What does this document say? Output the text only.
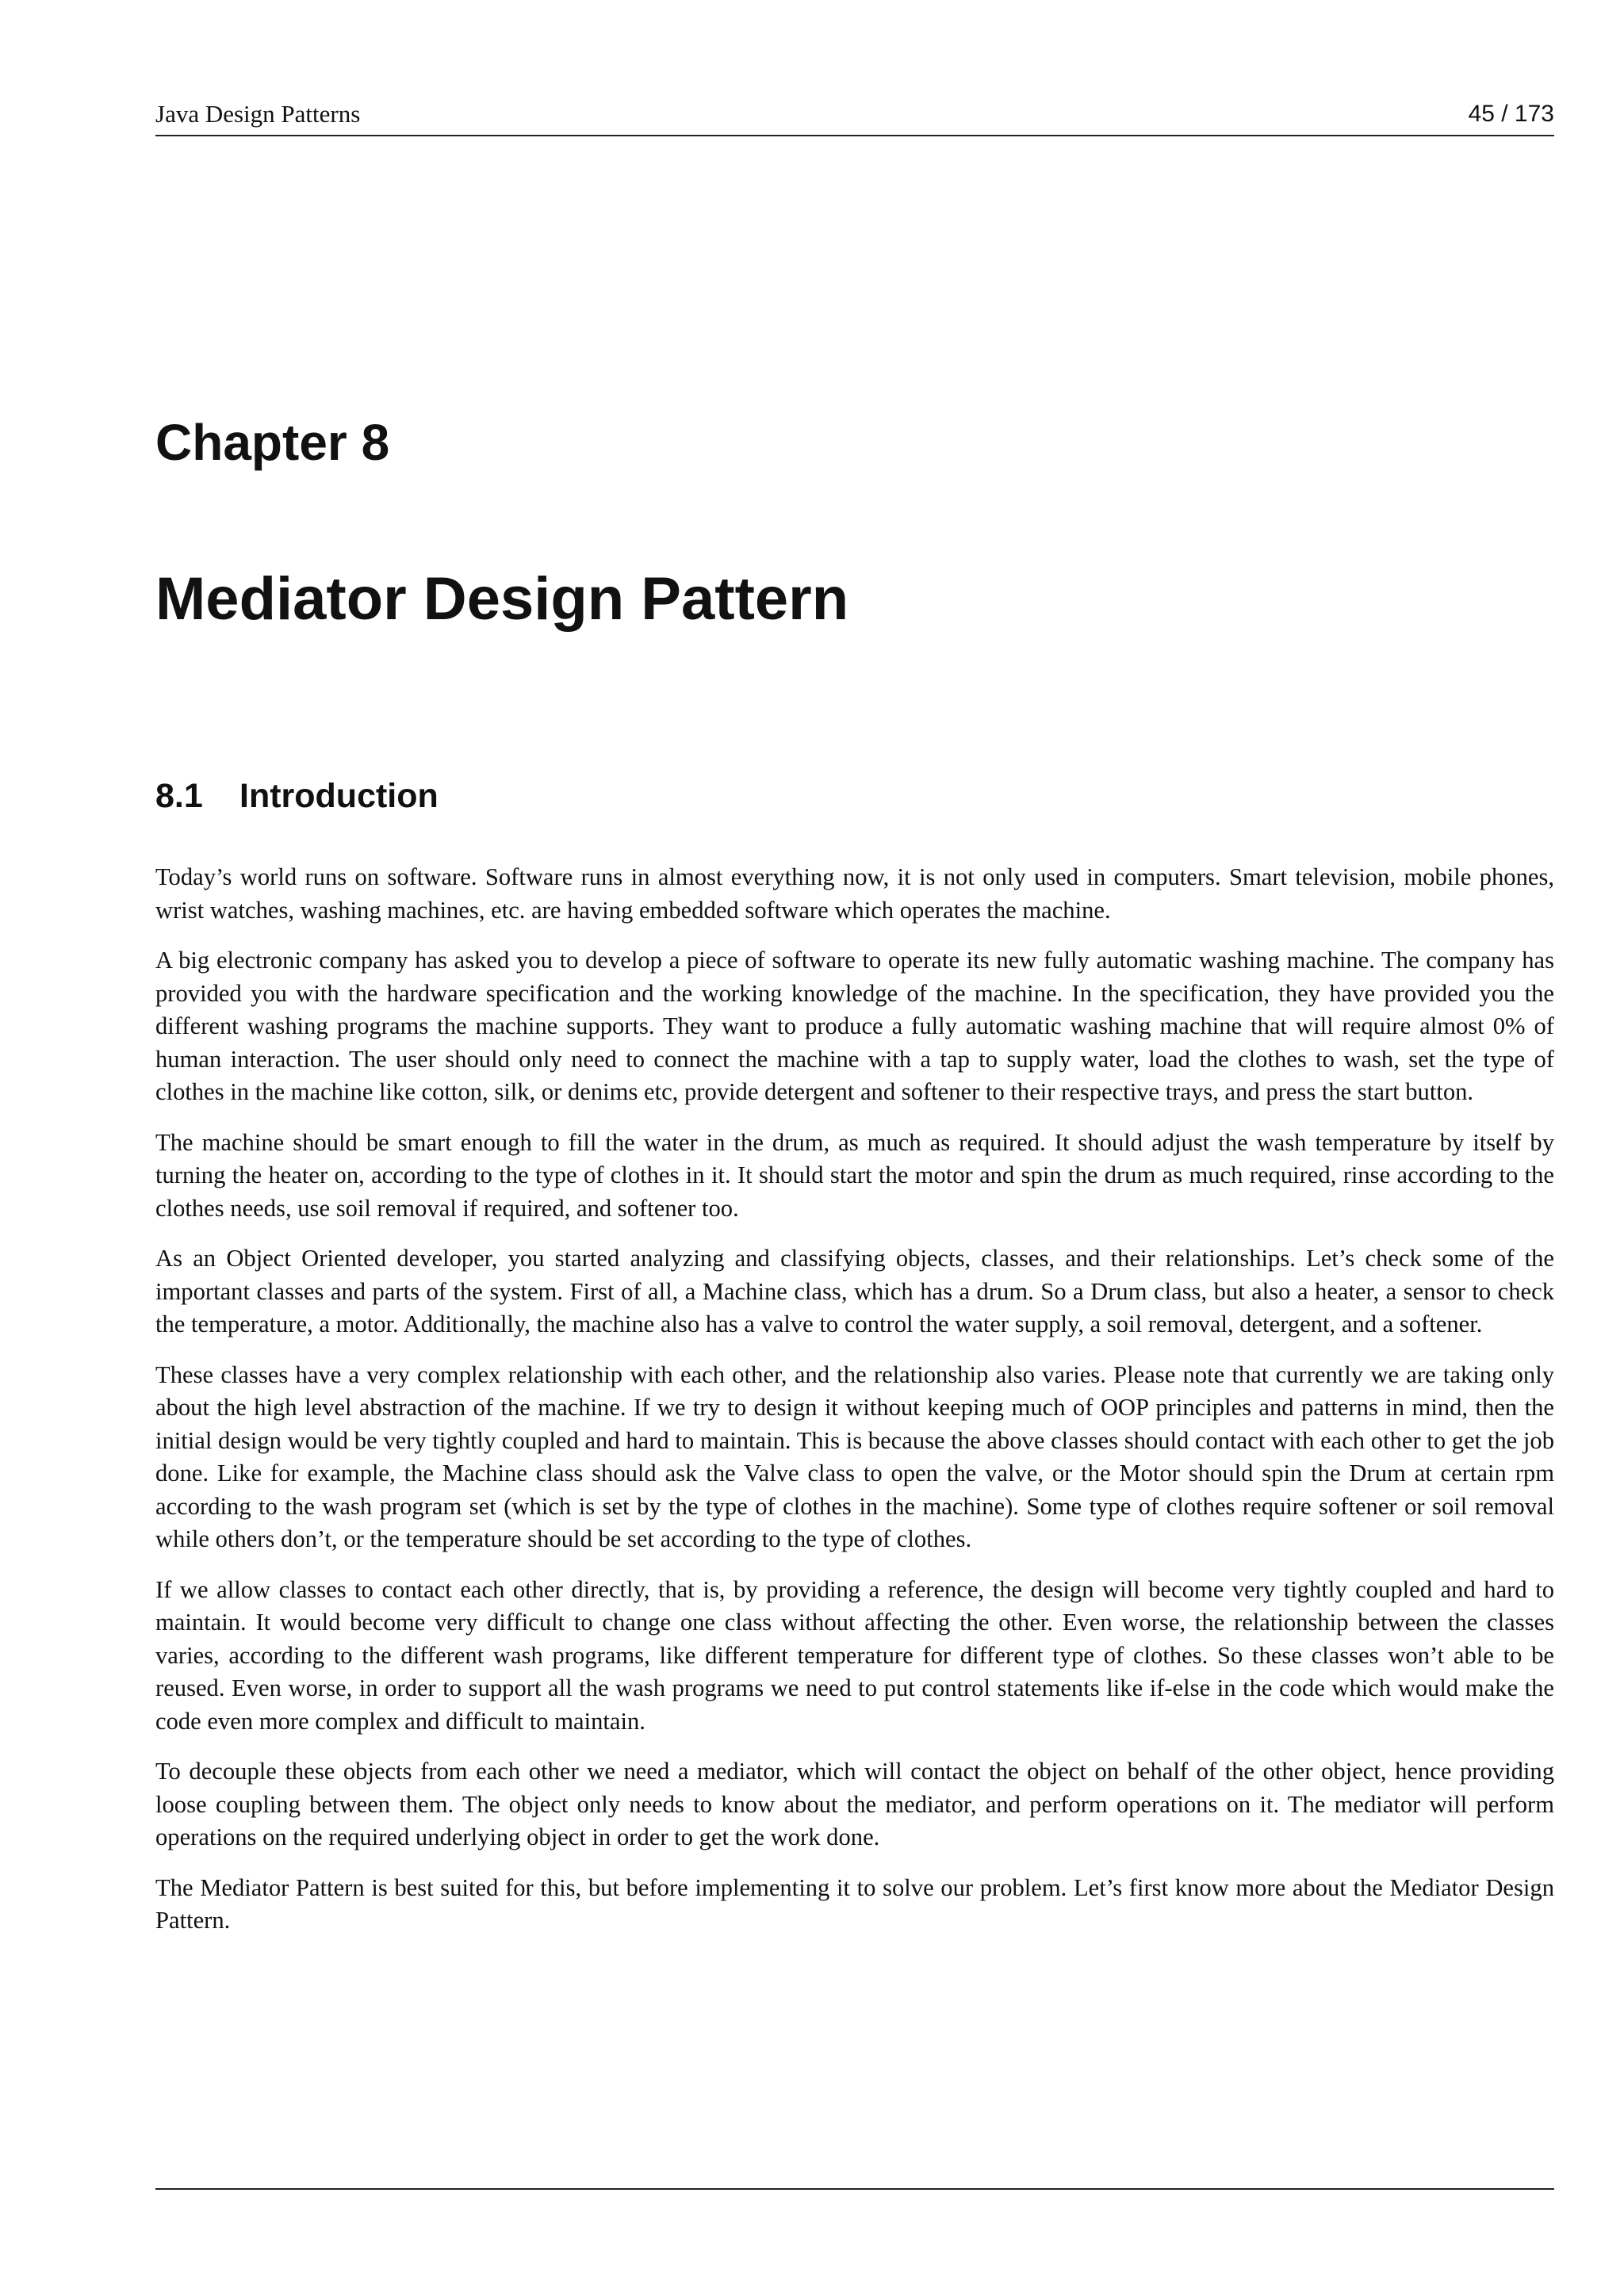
Java Design Patterns	45 / 173
Chapter 8
Mediator Design Pattern
8.1 Introduction

Today’s world runs on software. Software runs in almost everything now, it is not only used in computers. Smart television, mobile phones, wrist watches, washing machines, etc. are having embedded software which operates the machine.

A big electronic company has asked you to develop a piece of software to operate its new fully automatic washing machine. The company has provided you with the hardware specification and the working knowledge of the machine. In the specification, they have provided you the different washing programs the machine supports. They want to produce a fully automatic washing machine that will require almost 0% of human interaction. The user should only need to connect the machine with a tap to supply water, load the clothes to wash, set the type of clothes in the machine like cotton, silk, or denims etc, provide detergent and softener to their respective trays, and press the start button.

The machine should be smart enough to fill the water in the drum, as much as required. It should adjust the wash temperature by itself by turning the heater on, according to the type of clothes in it. It should start the motor and spin the drum as much required, rinse according to the clothes needs, use soil removal if required, and softener too.

As an Object Oriented developer, you started analyzing and classifying objects, classes, and their relationships. Let’s check some of the important classes and parts of the system. First of all, a Machine class, which has a drum. So a Drum class, but also a heater, a sensor to check the temperature, a motor. Additionally, the machine also has a valve to control the water supply, a soil removal, detergent, and a softener.

These classes have a very complex relationship with each other, and the relationship also varies. Please note that currently we are taking only about the high level abstraction of the machine. If we try to design it without keeping much of OOP principles and patterns in mind, then the initial design would be very tightly coupled and hard to maintain. This is because the above classes should contact with each other to get the job done. Like for example, the Machine class should ask the Valve class to open the valve, or the Motor should spin the Drum at certain rpm according to the wash program set (which is set by the type of clothes in the machine). Some type of clothes require softener or soil removal while others don’t, or the temperature should be set according to the type of clothes.

If we allow classes to contact each other directly, that is, by providing a reference, the design will become very tightly coupled and hard to maintain. It would become very difficult to change one class without affecting the other. Even worse, the relationship between the classes varies, according to the different wash programs, like different temperature for different type of clothes. So these classes won’t able to be reused. Even worse, in order to support all the wash programs we need to put control statements like if-else in the code which would make the code even more complex and difficult to maintain.

To decouple these objects from each other we need a mediator, which will contact the object on behalf of the other object, hence providing loose coupling between them. The object only needs to know about the mediator, and perform operations on it. The mediator will perform operations on the required underlying object in order to get the work done.

The Mediator Pattern is best suited for this, but before implementing it to solve our problem. Let’s first know more about the Mediator Design Pattern.
